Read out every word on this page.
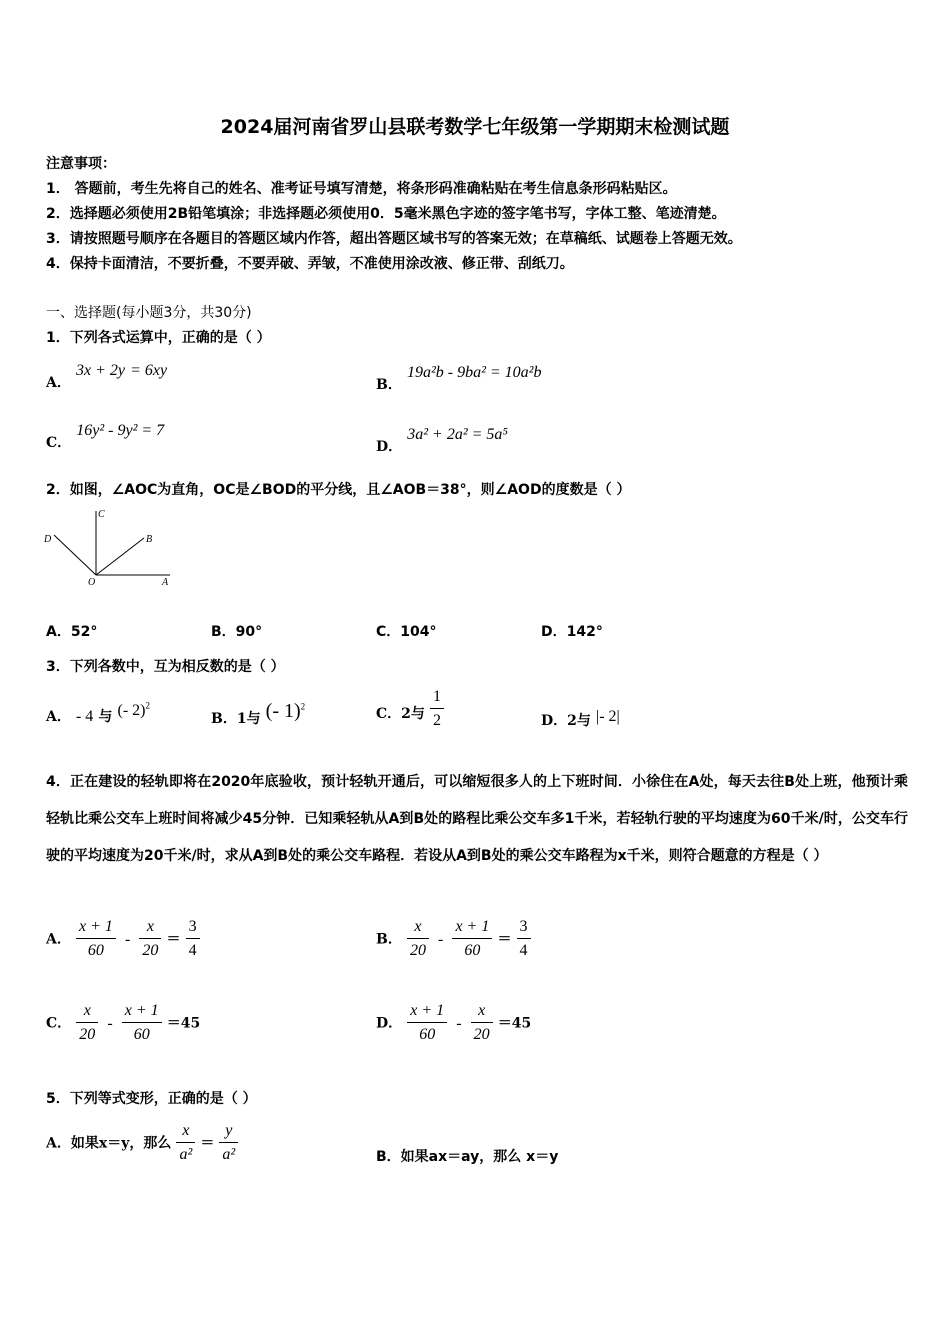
2024届河南省罗山县联考数学七年级第一学期期末检测试题
注意事项：
1． 答题前，考生先将自己的姓名、准考证号填写清楚，将条形码准确粘贴在考生信息条形码粘贴区。
2．选择题必须使用2B铅笔填涂；非选择题必须使用0．5毫米黑色字迹的签字笔书写，字体工整、笔迹清楚。
3．请按照题号顺序在各题目的答题区域内作答，超出答题区域书写的答案无效；在草稿纸、试题卷上答题无效。
4．保持卡面清洁，不要折叠，不要弄破、弄皱，不准使用涂改液、修正带、刮纸刀。
一、选择题(每小题3分，共30分)
1．下列各式运算中，正确的是（ ）
A． 3x + 2y = 6xy
B． 19a²b - 9ba² = 10a²b
C． 16y² - 9y² = 7
D． 3a² + 2a² = 5a⁵
2．如图，∠AOC为直角，OC是∠BOD的平分线，且∠AOB＝38°，则∠AOD的度数是（ ）
C
D	B
O	A
A．52°	B．90°	C．104°	D．142°
3．下列各数中，互为相反数的是（ ）
A． - 4 与 (- 2)$^2$
B．1与 (- 1)$^2$	C．2与 $\frac{1}{2}$	D．2与 |- 2|
4．正在建设的轻轨即将在2020年底验收，预计轻轨开通后，可以缩短很多人的上下班时间．小徐住在A处，每天去往B处上班，他预计乘轻轨比乘公交车上班时间将减少45分钟．已知乘轻轨从A到B处的路程比乘公交车多1千米，若轻轨行驶的平均速度为60千米/时，公交车行驶的平均速度为20千米/时，求从A到B处的乘公交车路程．若设从A到B处的乘公交车路程为x千米，则符合题意的方程是（ ）
A． $\frac{x + 1}{60} - \frac{x}{20} = \frac{3}{4}$	B． $\frac{x}{20} - \frac{x + 1}{60} = \frac{3}{4}$
C． $\frac{x}{20} - \frac{x + 1}{60} =45$	D． $\frac{x + 1}{60} - \frac{x}{20} =45$
5．下列等式变形，正确的是（ ）
A．如果x＝y，那么 $\frac{x}{\text{a²}} = \frac{y}{\text{a²}}$	B．如果ax＝ay，那么 x＝y
